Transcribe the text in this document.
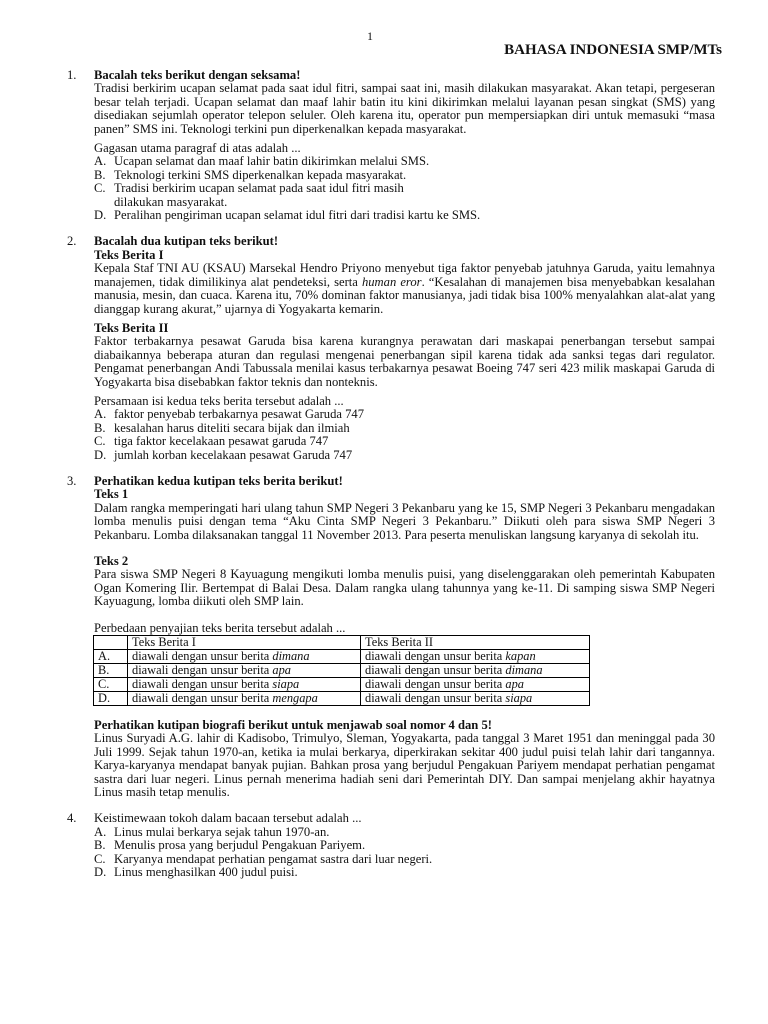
1
BAHASA INDONESIA SMP/MTs
1. Bacalah teks berikut dengan seksama!

Tradisi berkirim ucapan selamat pada saat idul fitri, sampai saat ini, masih dilakukan masyarakat. Akan tetapi, pergeseran besar telah terjadi. Ucapan selamat dan maaf lahir batin itu kini dikirimkan melalui layanan pesan singkat (SMS) yang disediakan sejumlah operator telepon seluler. Oleh karena itu, operator pun mempersiapkan diri untuk memasuki “masa panen” SMS ini. Teknologi terkini pun diperkenalkan kepada masyarakat.

Gagasan utama paragraf di atas adalah ...

A. Ucapan selamat dan maaf lahir batin dikirimkan melalui SMS.
B. Teknologi terkini SMS diperkenalkan kepada masyarakat.
C. Tradisi berkirim ucapan selamat pada saat idul fitri masih dilakukan masyarakat.
D. Peralihan pengiriman ucapan selamat idul fitri dari tradisi kartu ke SMS.
2. Bacalah dua kutipan teks berikut!

Teks Berita I

Kepala Staf TNI AU (KSAU) Marsekal Hendro Priyono menyebut tiga faktor penyebab jatuhnya Garuda, yaitu lemahnya manajemen, tidak dimilikinya alat pendeteksi, serta human eror. “Kesalahan di manajemen bisa menyebabkan kesalahan manusia, mesin, dan cuaca. Karena itu, 70% dominan faktor manusianya, jadi tidak bisa 100% menyalahkan alat-alat yang dianggap kurang akurat,” ujarnya di Yogyakarta kemarin.

Teks Berita II

Faktor terbakarnya pesawat Garuda bisa karena kurangnya perawatan dari maskapai penerbangan tersebut sampai diabaikannya beberapa aturan dan regulasi mengenai penerbangan sipil karena tidak ada sanksi tegas dari regulator. Pengamat penerbangan Andi Tabussala menilai kasus terbakarnya pesawat Boeing 747 seri 423 milik maskapai Garuda di Yogyakarta bisa disebabkan faktor teknis dan nonteknis.

Persamaan isi kedua teks berita tersebut adalah ...

A. faktor penyebab terbakarnya pesawat Garuda 747
B. kesalahan harus diteliti secara bijak dan ilmiah
C. tiga faktor kecelakaan pesawat garuda 747
D. jumlah korban kecelakaan pesawat Garuda 747
3. Perhatikan kedua kutipan teks berita berikut!

Teks 1

Dalam rangka memperingati hari ulang tahun SMP Negeri 3 Pekanbaru yang ke 15, SMP Negeri 3 Pekanbaru mengadakan lomba menulis puisi dengan tema “Aku Cinta SMP Negeri 3 Pekanbaru.” Diikuti oleh para siswa SMP Negeri 3 Pekanbaru. Lomba dilaksanakan tanggal 11 November 2013. Para peserta menuliskan langsung karyanya di sekolah itu.

Teks 2

Para siswa SMP Negeri 8 Kayuagung mengikuti lomba menulis puisi, yang diselenggarakan oleh pemerintah Kabupaten Ogan Komering Ilir. Bertempat di Balai Desa. Dalam rangka ulang tahunnya yang ke-11. Di samping siswa SMP Negeri Kayuagung, lomba diikuti oleh SMP lain.

Perbedaan penyajian teks berita tersebut adalah ...

	Teks Berita I	Teks Berita II
A.	diawali dengan unsur berita dimana	diawali dengan unsur berita kapan
B.	diawali dengan unsur berita apa	diawali dengan unsur berita dimana
C.	diawali dengan unsur berita siapa	diawali dengan unsur berita apa
D.	diawali dengan unsur berita mengapa	diawali dengan unsur berita siapa

Perhatikan kutipan biografi berikut untuk menjawab soal nomor 4 dan 5!

Linus Suryadi A.G. lahir di Kadisobo, Trimulyo, Sleman, Yogyakarta, pada tanggal 3 Maret 1951 dan meninggal pada 30 Juli 1999. Sejak tahun 1970-an, ketika ia mulai berkarya, diperkirakan sekitar 400 judul puisi telah lahir dari tangannya. Karya-karyanya mendapat banyak pujian. Bahkan prosa yang berjudul Pengakuan Pariyem mendapat perhatian pengamat sastra dari luar negeri. Linus pernah menerima hadiah seni dari Pemerintah DIY. Dan sampai menjelang akhir hayatnya Linus masih tetap menulis.

4. Keistimewaan tokoh dalam bacaan tersebut adalah ...

A. Linus mulai berkarya sejak tahun 1970-an.
B. Menulis prosa yang berjudul Pengakuan Pariyem.
C. Karyanya mendapat perhatian pengamat sastra dari luar negeri.
D. Linus menghasilkan 400 judul puisi.
